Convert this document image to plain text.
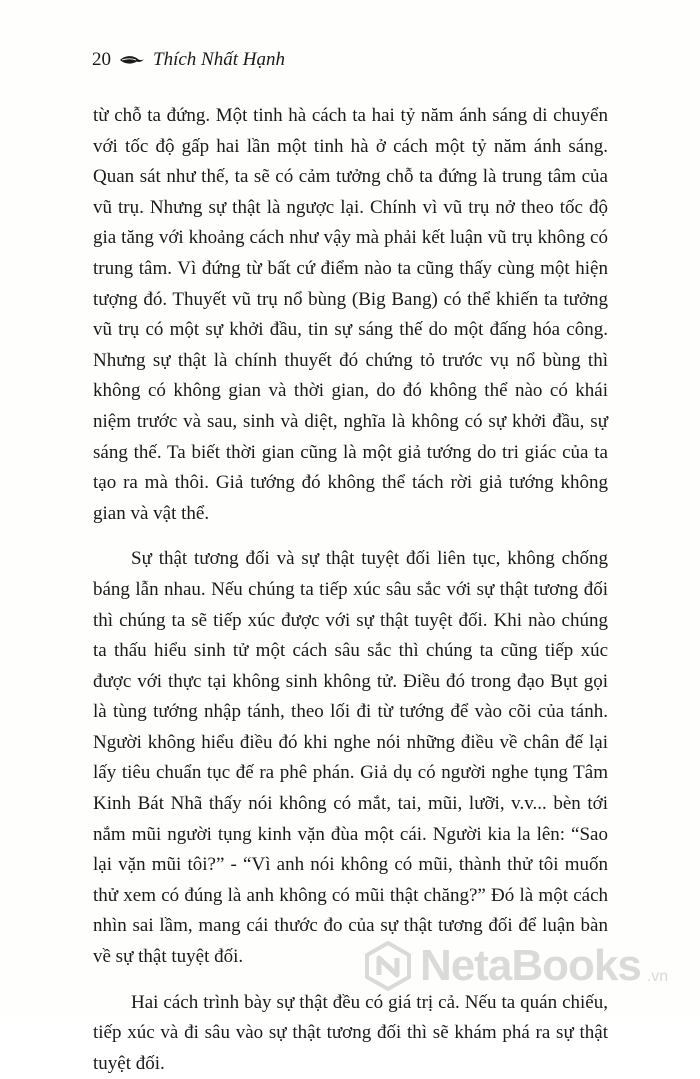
20 Thích Nhất Hạnh

từ chỗ ta đứng. Một tinh hà cách ta hai tỷ năm ánh sáng di chuyển với tốc độ gấp hai lần một tinh hà ở cách một tỷ năm ánh sáng. Quan sát như thế, ta sẽ có cảm tưởng chỗ ta đứng là trung tâm của vũ trụ. Nhưng sự thật là ngược lại. Chính vì vũ trụ nở theo tốc độ gia tăng với khoảng cách như vậy mà phải kết luận vũ trụ không có trung tâm. Vì đứng từ bất cứ điểm nào ta cũng thấy cùng một hiện tượng đó. Thuyết vũ trụ nổ bùng (Big Bang) có thể khiến ta tưởng vũ trụ có một sự khởi đầu, tin sự sáng thế do một đấng hóa công. Nhưng sự thật là chính thuyết đó chứng tỏ trước vụ nổ bùng thì không có không gian và thời gian, do đó không thể nào có khái niệm trước và sau, sinh và diệt, nghĩa là không có sự khởi đầu, sự sáng thế. Ta biết thời gian cũng là một giả tướng do tri giác của ta tạo ra mà thôi. Giả tướng đó không thể tách rời giả tướng không gian và vật thể.

Sự thật tương đối và sự thật tuyệt đối liên tục, không chống báng lẫn nhau. Nếu chúng ta tiếp xúc sâu sắc với sự thật tương đối thì chúng ta sẽ tiếp xúc được với sự thật tuyệt đối. Khi nào chúng ta thấu hiểu sinh tử một cách sâu sắc thì chúng ta cũng tiếp xúc được với thực tại không sinh không tử. Điều đó trong đạo Bụt gọi là tùng tướng nhập tánh, theo lối đi từ tướng để vào cõi của tánh. Người không hiểu điều đó khi nghe nói những điều về chân đế lại lấy tiêu chuẩn tục đế ra phê phán. Giả dụ có người nghe tụng Tâm Kinh Bát Nhã thấy nói không có mắt, tai, mũi, lưỡi, v.v... bèn tới nắm mũi người tụng kinh vặn đùa một cái. Người kia la lên: “Sao lại vặn mũi tôi?” - “Vì anh nói không có mũi, thành thử tôi muốn thử xem có đúng là anh không có mũi thật chăng?” Đó là một cách nhìn sai lầm, mang cái thước đo của sự thật tương đối để luận bàn về sự thật tuyệt đối.

Hai cách trình bày sự thật đều có giá trị cả. Nếu ta quán chiếu, tiếp xúc và đi sâu vào sự thật tương đối thì sẽ khám phá ra sự thật tuyệt đối.

NetaBooks .vn
